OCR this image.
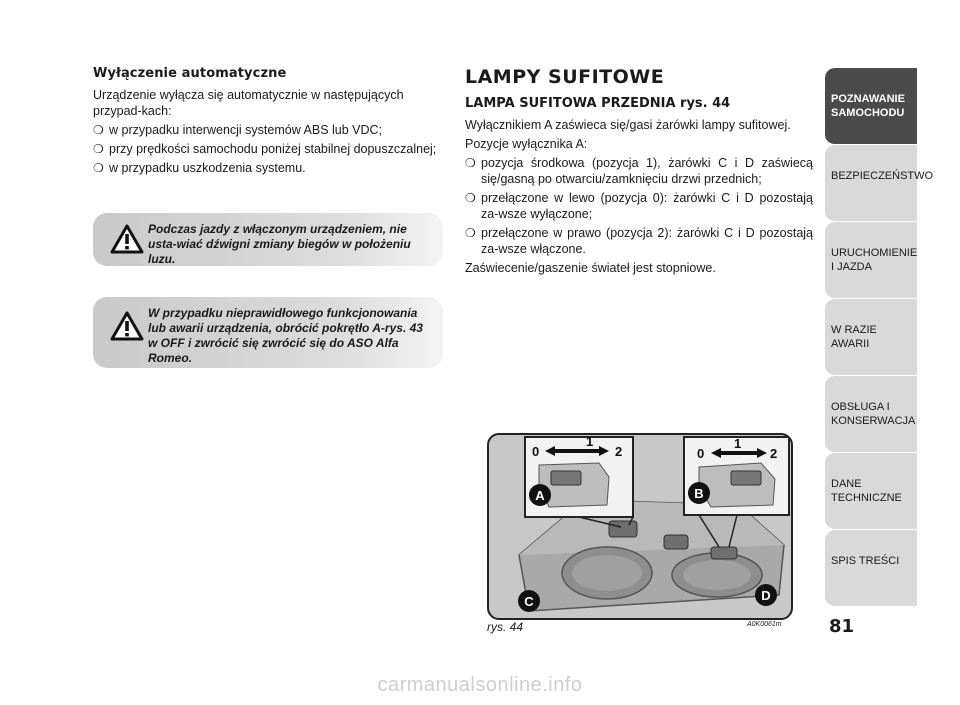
Wyłączenie automatyczne
Urządzenie wyłącza się automatycznie w następujących przypad-kach:
❍ w przypadku interwencji systemów ABS lub VDC;
❍ przy prędkości samochodu poniżej stabilnej dopuszczalnej;
❍ w przypadku uszkodzenia systemu.
Podczas jazdy z włączonym urządzeniem, nie usta-wiać dźwigni zmiany biegów w położeniu luzu.
W przypadku nieprawidłowego funkcjonowania lub awarii urządzenia, obrócić pokrętło A-rys. 43 w OFF i zwrócić się zwrócić się do ASO Alfa Romeo.
LAMPY SUFITOWE
LAMPA SUFITOWA PRZEDNIA rys. 44
Wyłącznikiem A zaświeca się/gasi żarówki lampy sufitowej.
Pozycje wyłącznika A:
❍ pozycja środkowa (pozycja 1), żarówki C i D zaświecą się/gasną po otwarciu/zamknięciu drzwi przednich;
❍ przełączone w lewo (pozycja 0): żarówki C i D pozostają za-wsze wyłączone;
❍ przełączone w prawo (pozycja 2): żarówki C i D pozostają za-wsze włączone.
Zaświecenie/gaszenie świateł jest stopniowe.
0
1
2	0
1
2
A	B
C	D
rys. 44	A0K0061m
POZNAWANIE SAMOCHODU
BEZPIECZEŃSTWO
URUCHOMIENIE I JAZDA
W RAZIE AWARII
OBSŁUGA I KONSERWACJA
DANE TECHNICZNE
SPIS TREŚCI
81
carmanualsonline.info
